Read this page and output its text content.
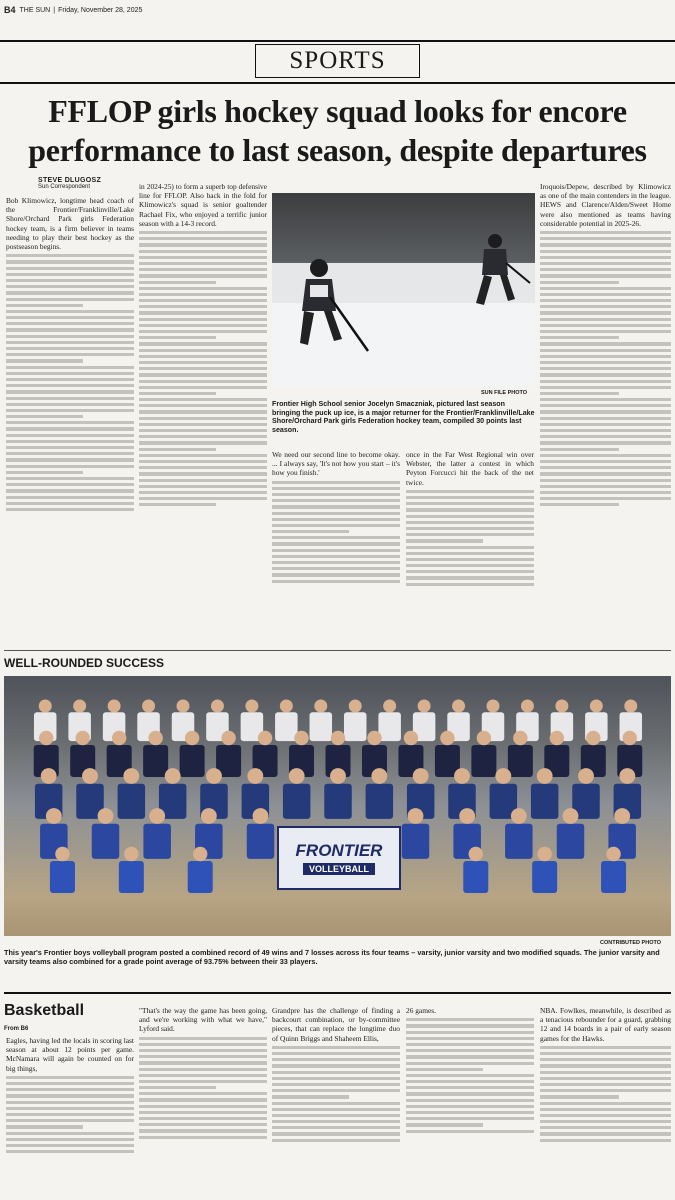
B4 THE SUN | Friday, November 28, 2025
SPORTS
FFLOP girls hockey squad looks for encore performance to last season, despite departures
STEVE DLUGOSZ
Sun Correspondent
Bob Klimowicz, longtime head coach of the Frontier/Franklinville/Lake Shore/Orchard Park girls Federation hockey team, is a firm believer in teams needing to play their best hockey as the postseason begins.
in 2024-25) to form a superb top defensive line for FFLOP. Also back in the fold for Klimowicz's squad is senior goaltender Rachael Fix, who enjoyed a terrific junior season with a 14-3 record.
We need our second line to become okay. ... I always say, 'It's not how you start – it's how you finish.'
once in the Far West Regional win over Webster, the latter a contest in which Peyton Forcucci hit the back of the net twice.
Iroquois/Depew, described by Klimowicz as one of the main contenders in the league. HEWS and Clarence/Alden/Sweet Home were also mentioned as teams having considerable potential in 2025-26.
SUN FILE PHOTO
Frontier High School senior Jocelyn Smaczniak, pictured last season bringing the puck up ice, is a major returner for the Frontier/Franklinville/Lake Shore/Orchard Park girls Federation hockey team, compiled 30 points last season.
WELL-ROUNDED SUCCESS
FRONTIER
VOLLEYBALL
CONTRIBUTED PHOTO
This year's Frontier boys volleyball program posted a combined record of 49 wins and 7 losses across its four teams – varsity, junior varsity and two modified squads. The junior varsity and varsity teams also combined for a grade point average of 93.75% between their 33 players.
Basketball
From B6
Eagles, having led the locals in scoring last season at about 12 points per game. McNamara will again be counted on for big things,
"That's the way the game has been going, and we're working with what we have," Lyford said.
Grandpre has the challenge of finding a backcourt combination, or by-committee pieces, that can replace the longtime duo of Quinn Briggs and Shaheem Ellis,
26 games.	NBA. Fowlkes, meanwhile, is described as a tenacious rebounder for a guard, grabbing 12 and 14 boards in a pair of early season games for the Hawks.
